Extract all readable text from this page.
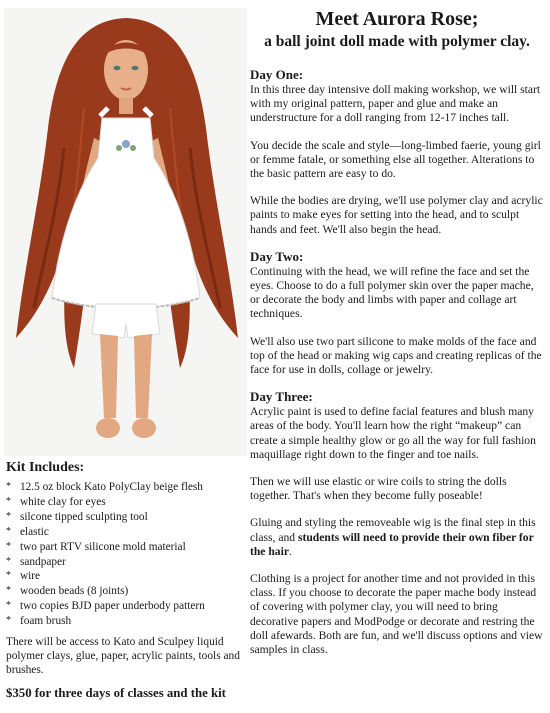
Meet Aurora Rose;
a ball joint doll made with polymer clay.

Day One:

In this three day intensive doll making workshop, we will start with my original pattern, paper and glue and make an understructure for a doll ranging from 12-17 inches tall.

You decide the scale and style—long-limbed faerie, young girl or femme fatale, or something else all together. Alterations to the basic pattern are easy to do.

While the bodies are drying, we'll use polymer clay and acrylic paints to make eyes for setting into the head, and to sculpt hands and feet. We'll also begin the head.

Day Two:

Continuing with the head, we will refine the face and set the eyes. Choose to do a full polymer skin over the paper mache, or decorate the body and limbs with paper and collage art techniques.

We'll also use two part silicone to make molds of the face and top of the head or making wig caps and creating replicas of the face for use in dolls, collage or jewelry.

Day Three:

Acrylic paint is used to define facial features and blush many areas of the body. You'll learn how the right “makeup” can create a simple healthy glow or go all the way for full fashion maquillage right down to the finger and toe nails.

Then we will use elastic or wire coils to string the dolls together. That's when they become fully poseable!

Gluing and styling the removeable wig is the final step in this class, and students will need to provide their own fiber for the hair.

Clothing is a project for another time and not provided in this class. If you choose to decorate the paper mache body instead of covering with polymer clay, you will need to bring decorative papers and ModPodge or decorate and restring the doll afewards. Both are fun, and we'll discuss options and view samples in class.

Kit Includes:

* 12.5 oz block Kato PolyClay beige flesh
* white clay for eyes
* silcone tipped sculpting tool
* elastic
* two part RTV silicone mold material
* sandpaper
* wire
* wooden beads (8 joints)
* two copies BJD paper underbody pattern
* foam brush

There will be access to Kato and Sculpey liquid polymer clays, glue, paper, acrylic paints, tools and brushes.

$350 for three days of classes and the kit
